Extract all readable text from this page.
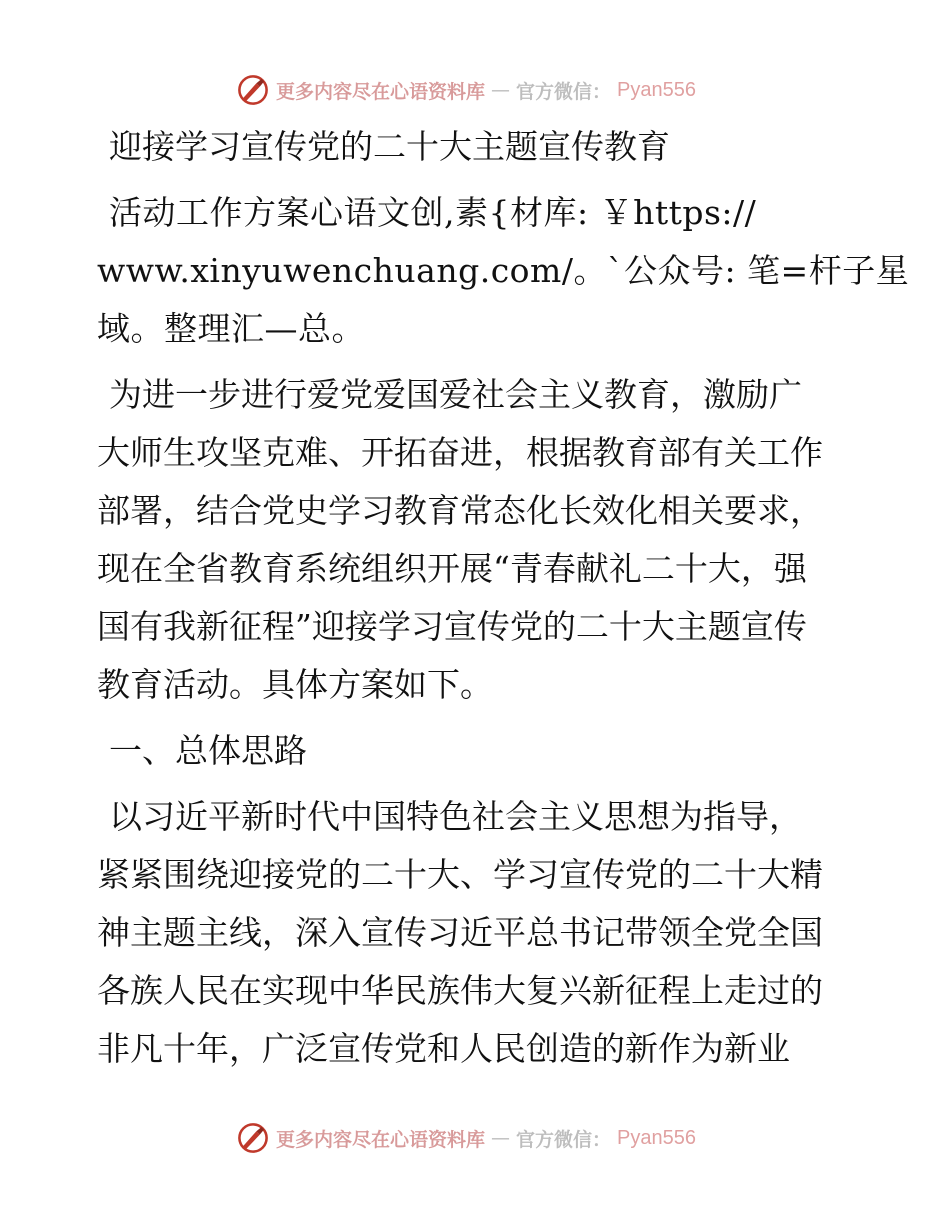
更多内容尽在心语资料库 — 官方微信： Pyan556
迎接学习宣传党的二十大主题宣传教育
活动工作方案心语文创,素{材库: ￥https://
www.xinyuwenchuang.com/。`公众号: 笔=杆子星
域。整理汇—总。
为进一步进行爱党爱国爱社会主义教育，激励广
大师生攻坚克难、开拓奋进，根据教育部有关工作
部署，结合党史学习教育常态化长效化相关要求，
现在全省教育系统组织开展“青春献礼二十大，强
国有我新征程”迎接学习宣传党的二十大主题宣传
教育活动。具体方案如下。
一、总体思路
以习近平新时代中国特色社会主义思想为指导，
紧紧围绕迎接党的二十大、学习宣传党的二十大精
神主题主线，深入宣传习近平总书记带领全党全国
各族人民在实现中华民族伟大复兴新征程上走过的
非凡十年，广泛宣传党和人民创造的新作为新业
更多内容尽在心语资料库 — 官方微信： Pyan556
